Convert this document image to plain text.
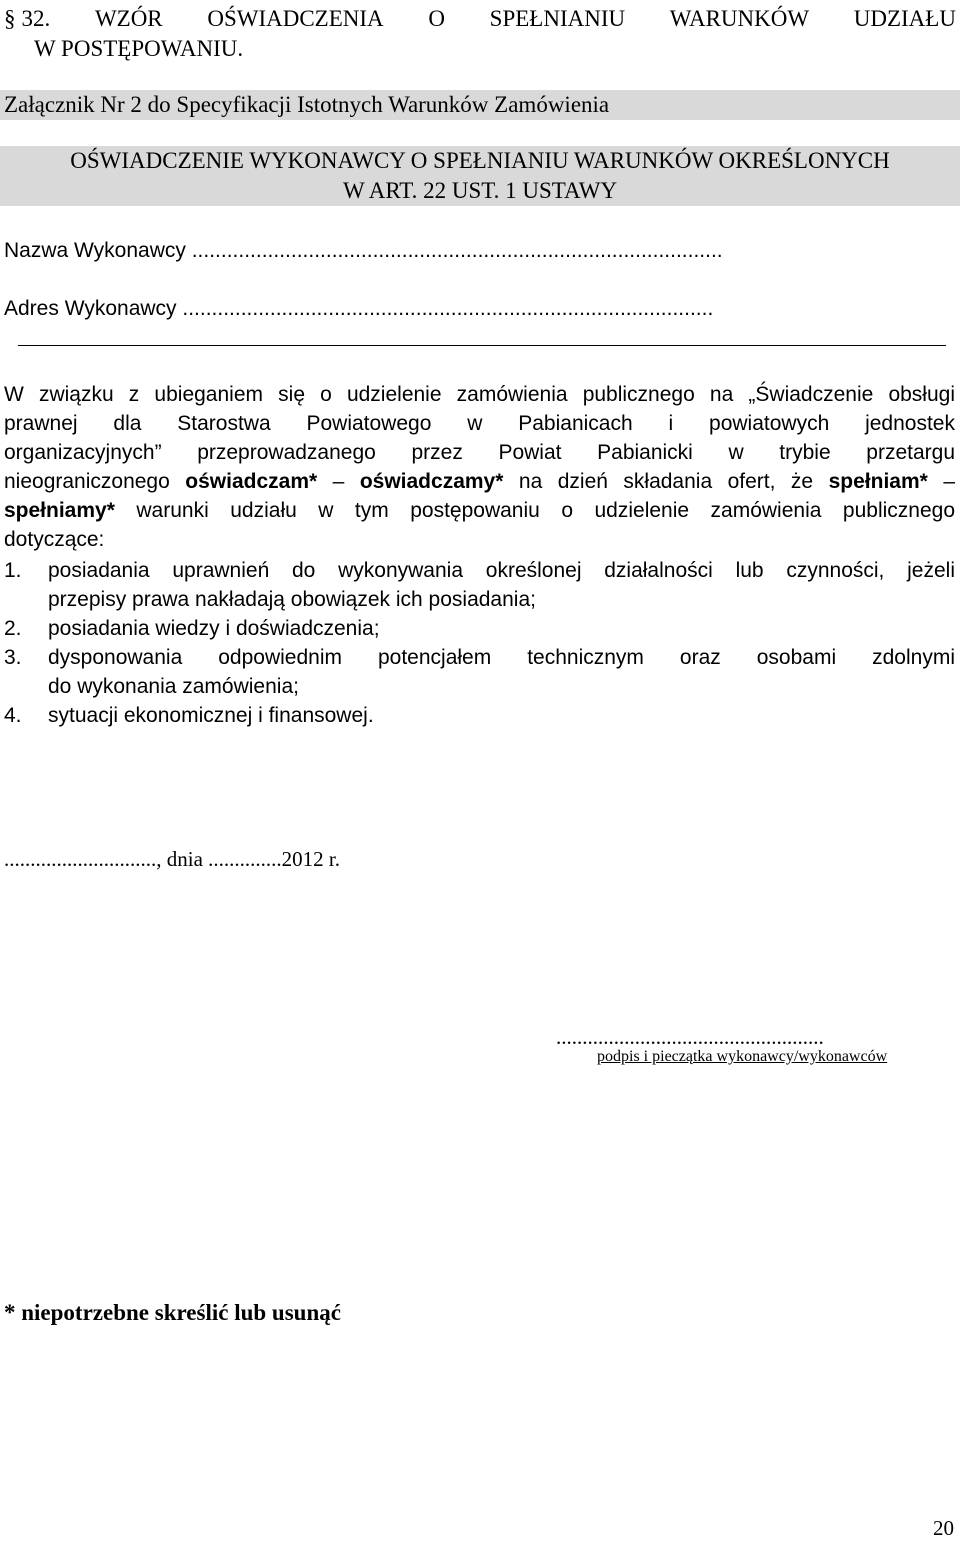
§ 32. WZÓR OŚWIADCZENIA O SPEŁNIANIU WARUNKÓW UDZIAŁU
W POSTĘPOWANIU.
Załącznik Nr 2 do Specyfikacji Istotnych Warunków Zamówienia
OŚWIADCZENIE WYKONAWCY O SPEŁNIANIU WARUNKÓW OKREŚLONYCH
W ART. 22 UST. 1 USTAWY
Nazwa Wykonawcy ...........................................................................................
Adres Wykonawcy ...........................................................................................
W związku z ubieganiem się o udzielenie zamówienia publicznego na „Świadczenie obsługi
prawnej dla Starostwa Powiatowego w Pabianicach i powiatowych jednostek
organizacyjnych” przeprowadzanego przez Powiat Pabianicki w trybie przetargu
nieograniczonego oświadczam* – oświadczamy* na dzień składania ofert, że spełniam* –
spełniamy* warunki udziału w tym postępowaniu o udzielenie zamówienia publicznego
dotyczące:
1. posiadania uprawnień do wykonywania określonej działalności lub czynności, jeżeli
przepisy prawa nakładają obowiązek ich posiadania;
2. posiadania wiedzy i doświadczenia;
3. dysponowania odpowiednim potencjałem technicznym oraz osobami zdolnymi
do wykonania zamówienia;
4. sytuacji ekonomicznej i finansowej.
............................., dnia ..............2012 r.
...................................................
podpis i pieczątka wykonawcy/wykonawców
* niepotrzebne skreślić lub usunąć
20
